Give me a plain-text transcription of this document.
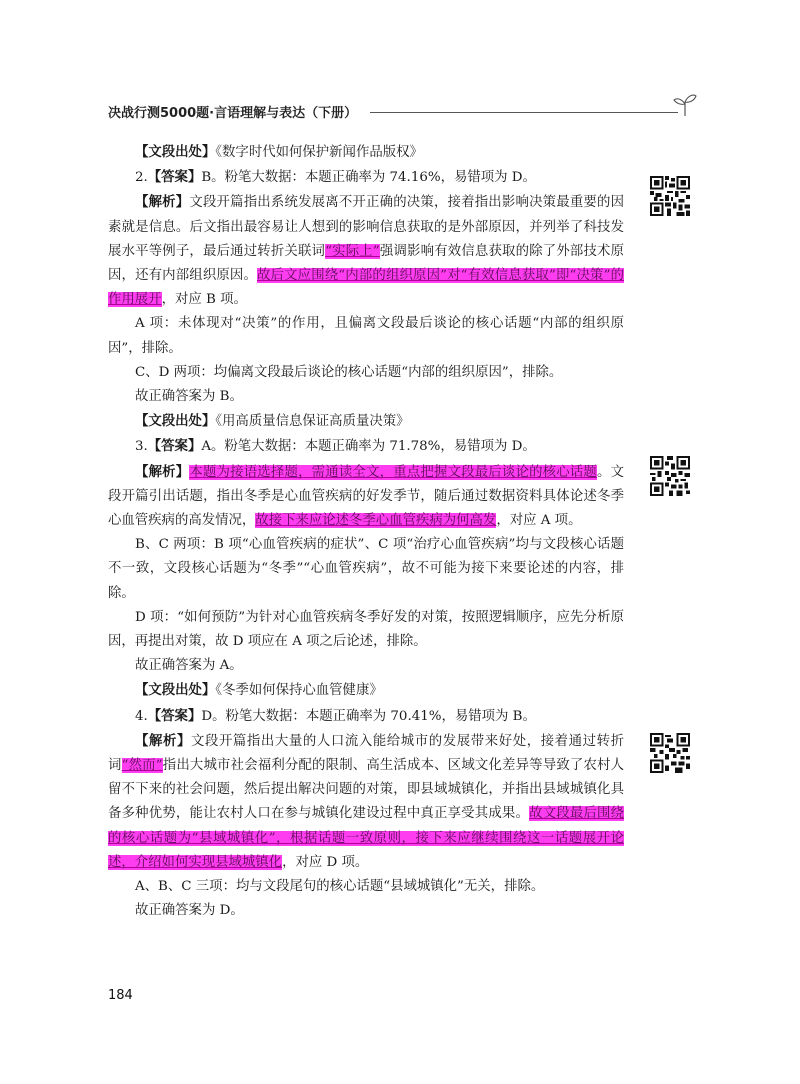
决战行测5000题·言语理解与表达（下册）

【文段出处】《数字时代如何保护新闻作品版权》

2.【答案】B。粉笔大数据：本题正确率为 74.16%，易错项为 D。

【解析】文段开篇指出系统发展离不开正确的决策，接着指出影响决策最重要的因素就是信息。后文指出最容易让人想到的影响信息获取的是外部原因，并列举了科技发展水平等例子，最后通过转折关联词“实际上”强调影响有效信息获取的除了外部技术原因，还有内部组织原因。故后文应围绕“内部的组织原因”对“有效信息获取”即“决策”的作用展开，对应 B 项。

A 项：未体现对“决策”的作用，且偏离文段最后谈论的核心话题“内部的组织原因”，排除。

C、D 两项：均偏离文段最后谈论的核心话题“内部的组织原因”，排除。

故正确答案为 B。

【文段出处】《用高质量信息保证高质量决策》

3.【答案】A。粉笔大数据：本题正确率为 71.78%，易错项为 D。

【解析】本题为接语选择题，需通读全文，重点把握文段最后谈论的核心话题。文段开篇引出话题，指出冬季是心血管疾病的好发季节，随后通过数据资料具体论述冬季心血管疾病的高发情况，故接下来应论述冬季心血管疾病为何高发，对应 A 项。

B、C 两项：B 项“心血管疾病的症状”、C 项“治疗心血管疾病”均与文段核心话题不一致，文段核心话题为“冬季”“心血管疾病”，故不可能为接下来要论述的内容，排除。

D 项：“如何预防”为针对心血管疾病冬季好发的对策，按照逻辑顺序，应先分析原因，再提出对策，故 D 项应在 A 项之后论述，排除。

故正确答案为 A。

【文段出处】《冬季如何保持心血管健康》

4.【答案】D。粉笔大数据：本题正确率为 70.41%，易错项为 B。

【解析】文段开篇指出大量的人口流入能给城市的发展带来好处，接着通过转折词“然而”指出大城市社会福利分配的限制、高生活成本、区域文化差异等导致了农村人留不下来的社会问题，然后提出解决问题的对策，即县域城镇化，并指出县域城镇化具备多种优势，能让农村人口在参与城镇化建设过程中真正享受其成果。故文段最后围绕的核心话题为“县域城镇化”，根据话题一致原则，接下来应继续围绕这一话题展开论述，介绍如何实现县域城镇化，对应 D 项。

A、B、C 三项：均与文段尾句的核心话题“县域城镇化”无关，排除。

故正确答案为 D。

184
